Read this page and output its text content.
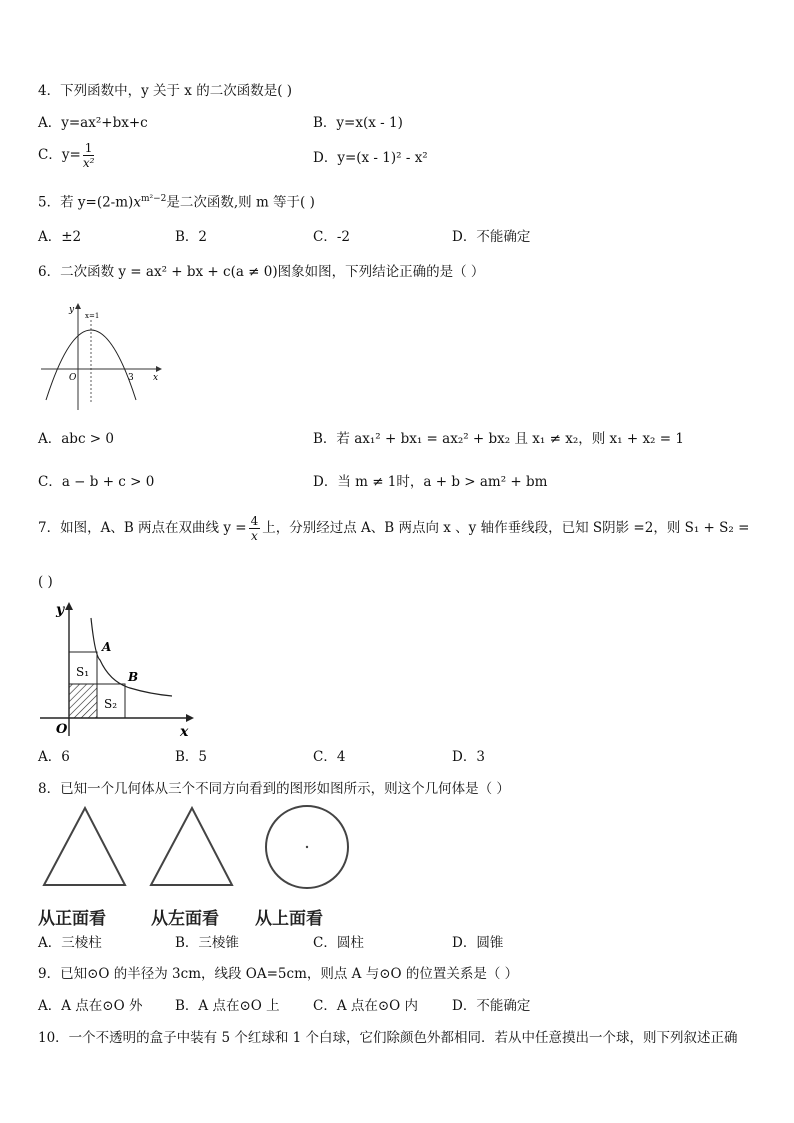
4．下列函数中，y 关于 x 的二次函数是( )
A．y=ax²+bx+c	B．y=x(x - 1)
C．$y= \frac{1}{\text{x²}}$	D．y=(x - 1)² - x²
5．若 $y=(2-m)x^{m^2-2}$是二次函数,则 m 等于( )
A．±2	B．2	C．-2	D．不能确定
6．二次函数 y = ax² + bx + c(a ≠ 0)图象如图，下列结论正确的是（ ）
x
y
O	3
x=1
A．abc > 0	B．若 ax₁² + bx₁ = ax₂² + bx₂ 且 x₁ ≠ x₂，则 x₁ + x₂ = 1
C．a − b + c > 0	D．当 m ≠ 1时，a + b > am² + bm
7．如图，A、B 两点在双曲线 $y = \frac{4}{x}$ 上，分别经过点 A、B 两点向 x 、y 轴作垂线段，已知 S阴影 =2，则 S₁ + S₂ =
( )
y
x
O
A
B
S₁
S₂
A．6	B．5	C．4	D．3
8．已知一个几何体从三个不同方向看到的图形如图所示，则这个几何体是（ ）
从正面看	从左面看 从上面看
A．三棱柱	B．三棱锥	C．圆柱	D．圆锥
9．已知⊙O 的半径为 3cm，线段 OA=5cm，则点 A 与⊙O 的位置关系是（ ）
A．A 点在⊙O 外 B．A 点在⊙O 上 C．A 点在⊙O 内	D．不能确定
10．一个不透明的盒子中装有 5 个红球和 1 个白球，它们除颜色外都相同．若从中任意摸出一个球，则下列叙述正确
